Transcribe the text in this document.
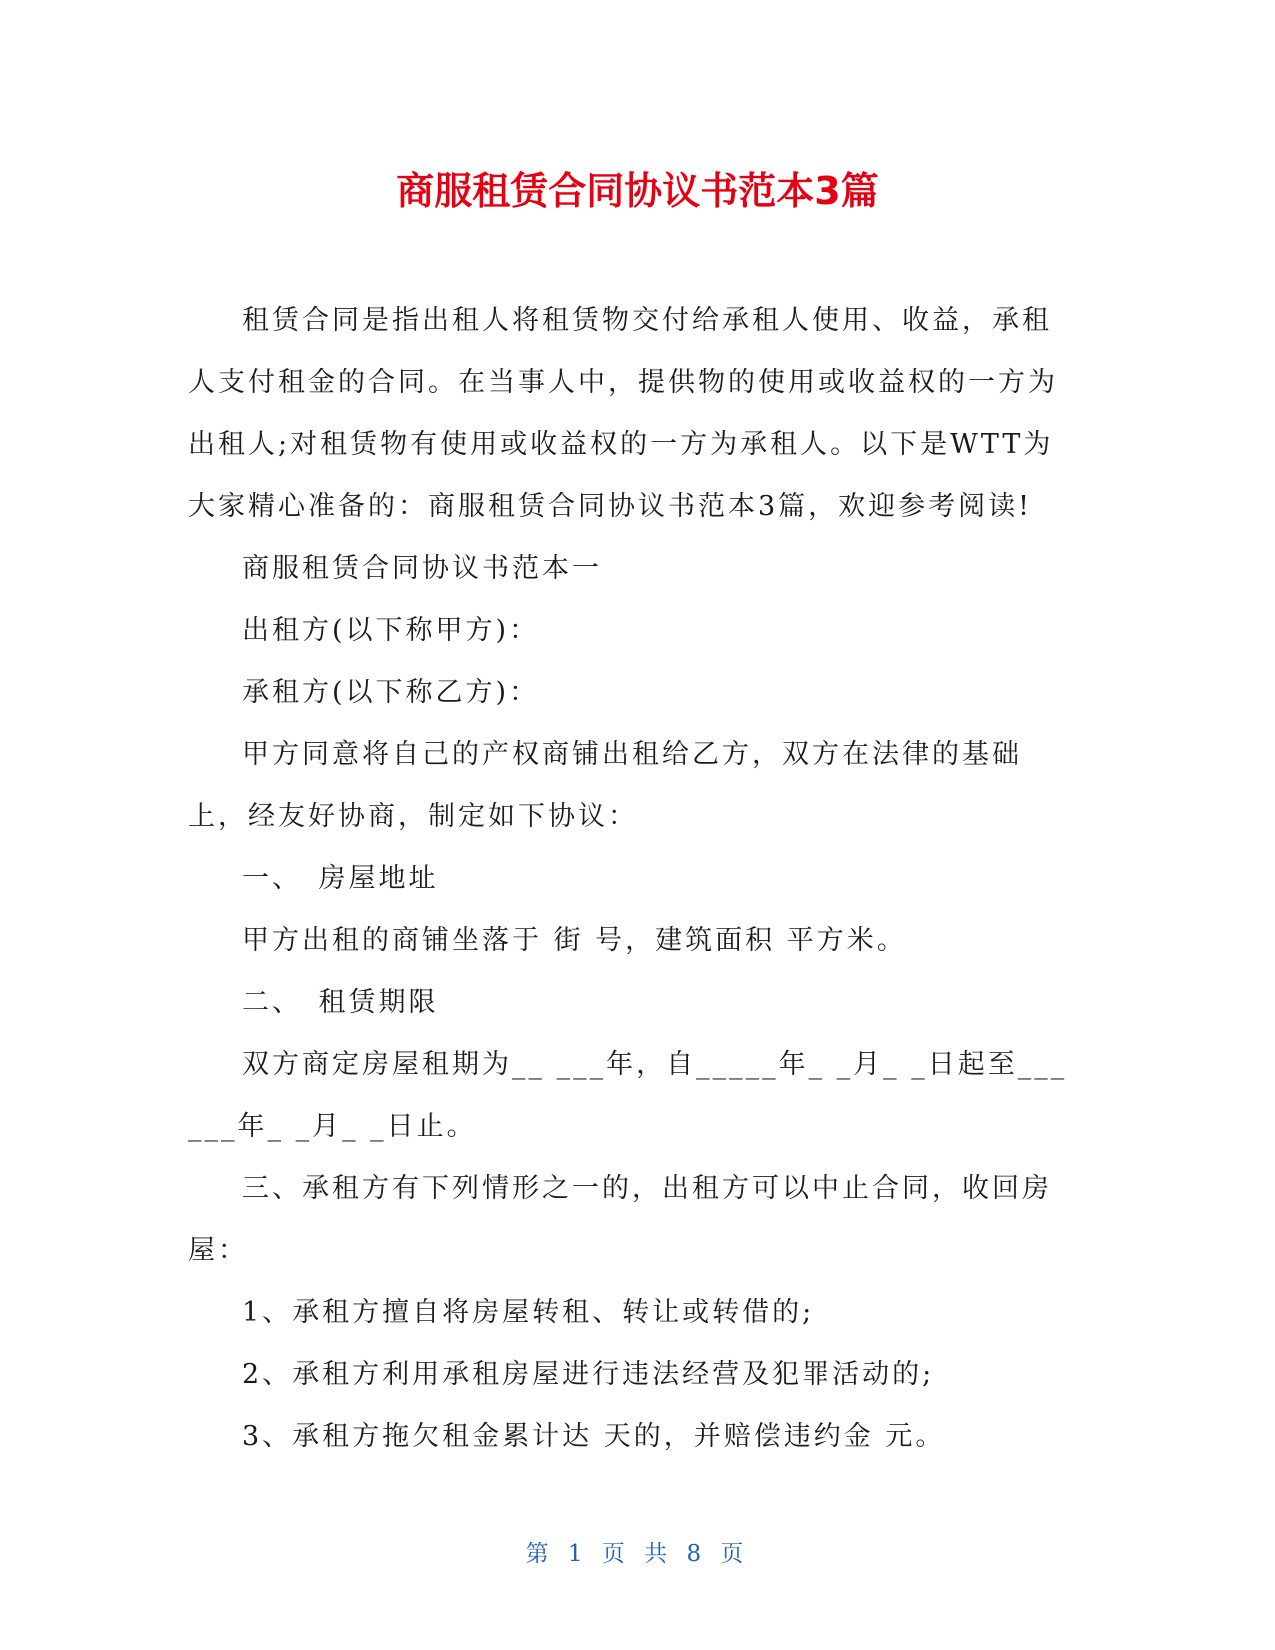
商服租赁合同协议书范本3篇

租赁合同是指出租人将租赁物交付给承租人使用、收益，承租人支付租金的合同。在当事人中，提供物的使用或收益权的一方为出租人;对租赁物有使用或收益权的一方为承租人。以下是WTT为大家精心准备的：商服租赁合同协议书范本3篇，欢迎参考阅读!

商服租赁合同协议书范本一

出租方(以下称甲方)：

承租方(以下称乙方)：

甲方同意将自己的产权商铺出租给乙方，双方在法律的基础上，经友好协商，制定如下协议：

一、　房屋地址

甲方出租的商铺坐落于 街 号，建筑面积 平方米。

二、　租赁期限

双方商定房屋租期为__ ___年，自_____年_ _月_ _日起至______年_ _月_ _日止。

三、承租方有下列情形之一的，出租方可以中止合同，收回房屋：

1、承租方擅自将房屋转租、转让或转借的;

2、承租方利用承租房屋进行违法经营及犯罪活动的;

3、承租方拖欠租金累计达 天的，并赔偿违约金 元。

第 1 页 共 8 页
